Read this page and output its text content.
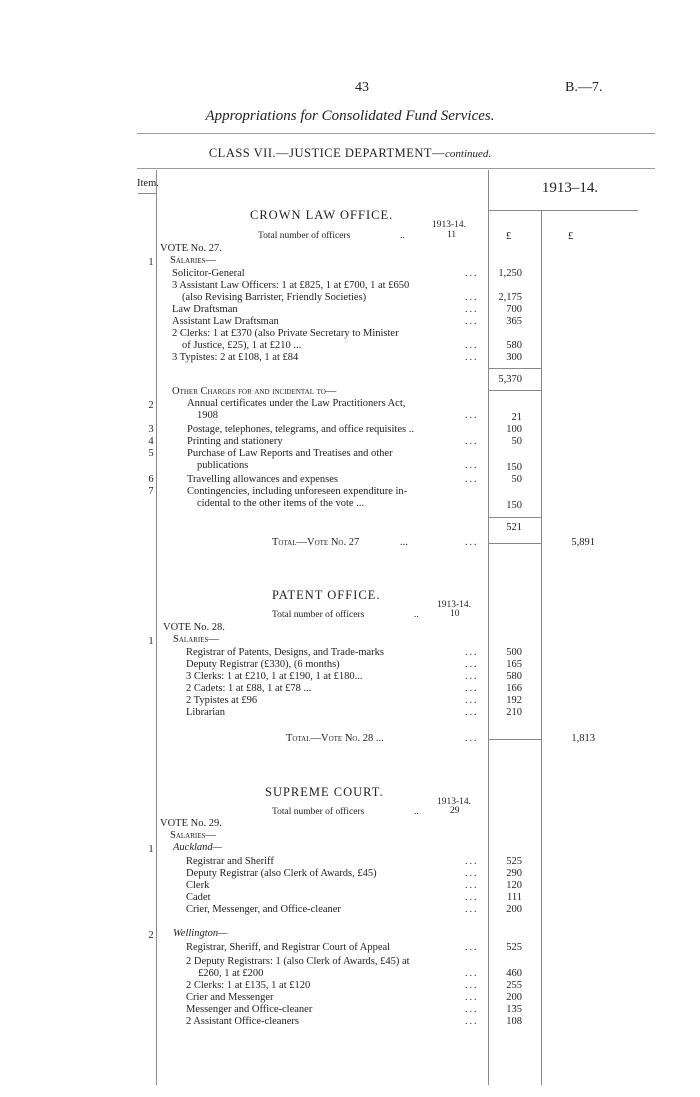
43	B.—7.
Appropriations for Consolidated Fund Services.
CLASS VII.—JUSTICE DEPARTMENT—continued.
Item.	1913–14.
CROWN LAW OFFICE.
1913-14.
Total number of officers	..	11	£	£
VOTE No. 27.
Salaries—
1
Solicitor-General	...	1,250
3 Assistant Law Officers: 1 at £825, 1 at £700, 1 at £650
(also Revising Barrister, Friendly Societies)	...	2,175
Law Draftsman	...	700
Assistant Law Draftsman	...	365
2 Clerks: 1 at £370 (also Private Secretary to Minister
of Justice, £25), 1 at £210 ...	...	580
3 Typistes: 2 at £108, 1 at £84	...	300
5,370
Other Charges for and incidental to—
2	Annual certificates under the Law Practitioners Act,
1908	...	21
3	Postage, telephones, telegrams, and office requisites ..	100
4	Printing and stationery	...	50
5	Purchase of Law Reports and Treatises and other
publications	...	150
6	Travelling allowances and expenses	...	50
7	Contingencies, including unforeseen expenditure in-
cidental to the other items of the vote ...	150
521
Total—Vote No. 27	...	...	5,891
PATENT OFFICE.
1913-14.
Total number of officers	..	10
VOTE No. 28.
Salaries—
1
Registrar of Patents, Designs, and Trade-marks	...	500
Deputy Registrar (£330), (6 months)	...	165
3 Clerks: 1 at £210, 1 at £190, 1 at £180...	...	580
2 Cadets: 1 at £88, 1 at £78 ...	...	166
2 Typistes at £96	...	192
Librarian	...	210
Total—Vote No. 28 ...	...	1,813
SUPREME COURT.
1913-14.
Total number of officers	..	29
VOTE No. 29.
Salaries—
Auckland—
1
Registrar and Sheriff	...	525
Deputy Registrar (also Clerk of Awards, £45)	...	290
Clerk	...	120
Cadet	...	111
Crier, Messenger, and Office-cleaner	...	200
Wellington—
2
Registrar, Sheriff, and Registrar Court of Appeal	...	525
2 Deputy Registrars: 1 (also Clerk of Awards, £45) at
£260, 1 at £200	...	460
2 Clerks: 1 at £135, 1 at £120	...	255
Crier and Messenger	...	200
Messenger and Office-cleaner	...	135
2 Assistant Office-cleaners	...	108
